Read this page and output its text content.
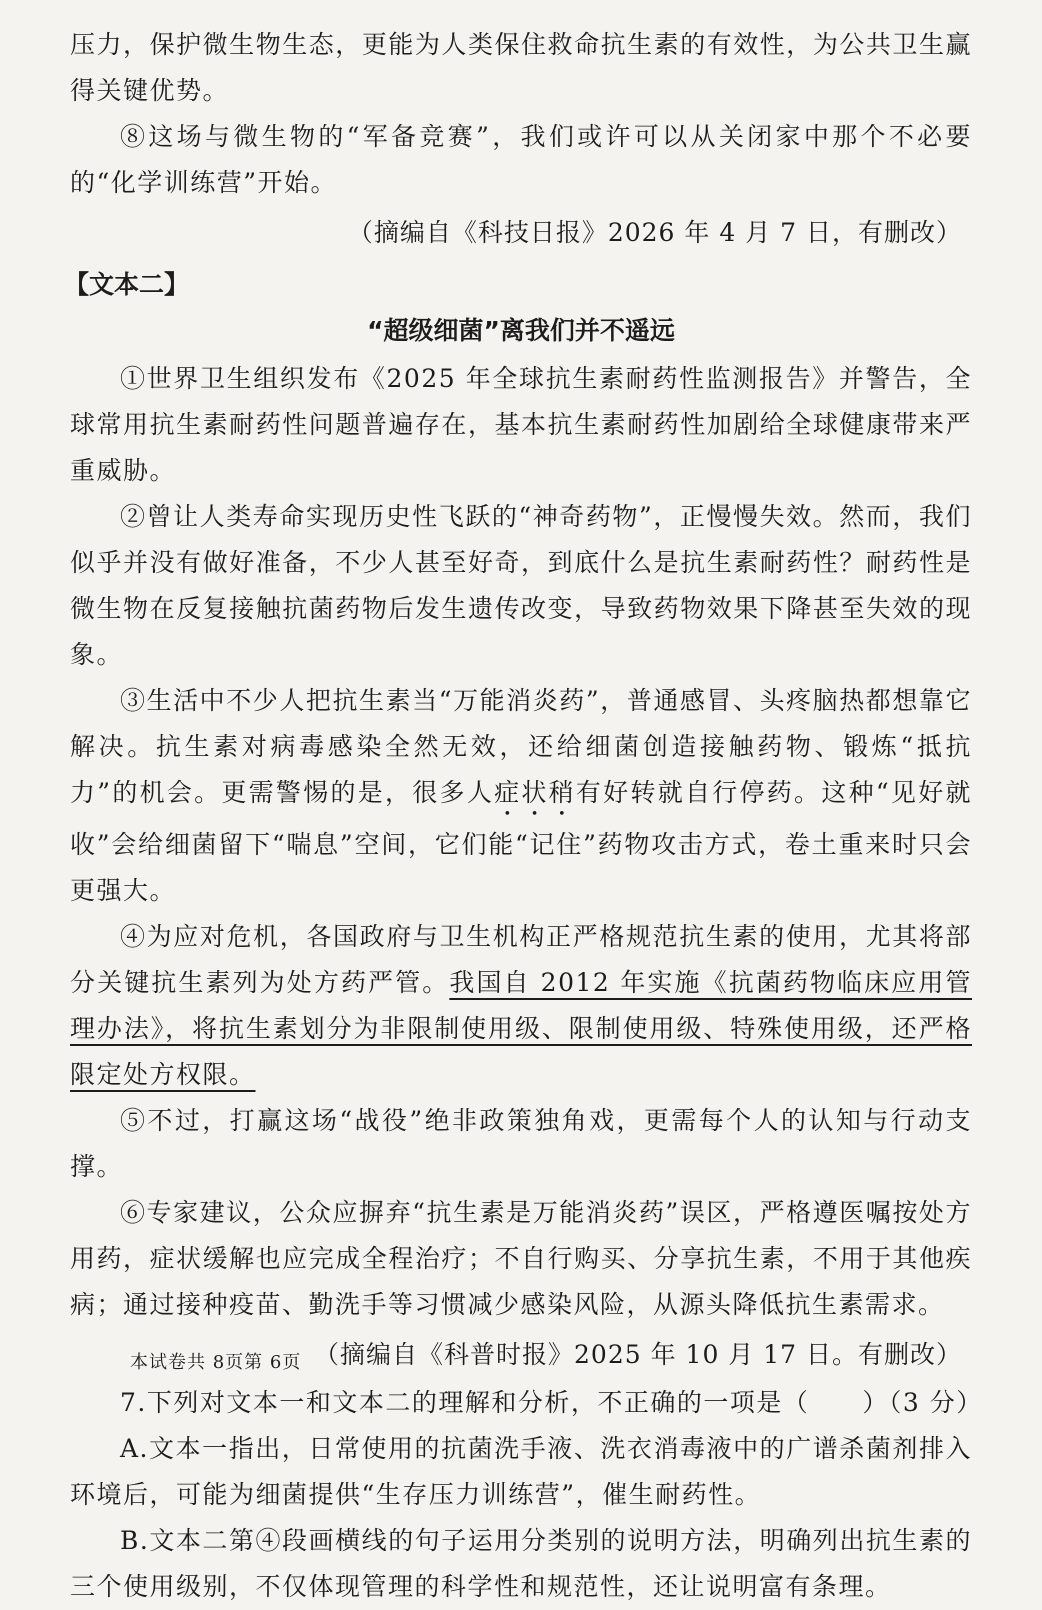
压力，保护微生物生态，更能为人类保住救命抗生素的有效性，为公共卫生赢得关键优势。

⑧这场与微生物的“军备竞赛”，我们或许可以从关闭家中那个不必要的“化学训练营”开始。

（摘编自《科技日报》2026 年 4 月 7 日，有删改）

【文本二】
“超级细菌”离我们并不遥远

①世界卫生组织发布《2025 年全球抗生素耐药性监测报告》并警告，全球常用抗生素耐药性问题普遍存在，基本抗生素耐药性加剧给全球健康带来严重威胁。

②曾让人类寿命实现历史性飞跃的“神奇药物”，正慢慢失效。然而，我们似乎并没有做好准备，不少人甚至好奇，到底什么是抗生素耐药性？耐药性是微生物在反复接触抗菌药物后发生遗传改变，导致药物效果下降甚至失效的现象。

③生活中不少人把抗生素当“万能消炎药”，普通感冒、头疼脑热都想靠它解决。抗生素对病毒感染全然无效，还给细菌创造接触药物、锻炼“抵抗力”的机会。更需警惕的是，很多人症状稍有好转就自行停药。这种“见好就收”会给细菌留下“喘息”空间，它们能“记住”药物攻击方式，卷土重来时只会更强大。

④为应对危机，各国政府与卫生机构正严格规范抗生素的使用，尤其将部分关键抗生素列为处方药严管。我国自 2012 年实施《抗菌药物临床应用管理办法》，将抗生素划分为非限制使用级、限制使用级、特殊使用级，还严格限定处方权限。

⑤不过，打赢这场“战役”绝非政策独角戏，更需每个人的认知与行动支撑。

⑥专家建议，公众应摒弃“抗生素是万能消炎药”误区，严格遵医嘱按处方用药，症状缓解也应完成全程治疗；不自行购买、分享抗生素，不用于其他疾病；通过接种疫苗、勤洗手等习惯减少感染风险，从源头降低抗生素需求。

（摘编自《科普时报》2025 年 10 月 17 日。有删改）

7.下列对文本一和文本二的理解和分析，不正确的一项是（　　）（3 分）

A.文本一指出，日常使用的抗菌洗手液、洗衣消毒液中的广谱杀菌剂排入环境后，可能为细菌提供“生存压力训练营”，催生耐药性。

B.文本二第④段画横线的句子运用分类别的说明方法，明确列出抗生素的三个使用级别，不仅体现管理的科学性和规范性，还让说明富有条理。

本试卷共 8页第 6页
